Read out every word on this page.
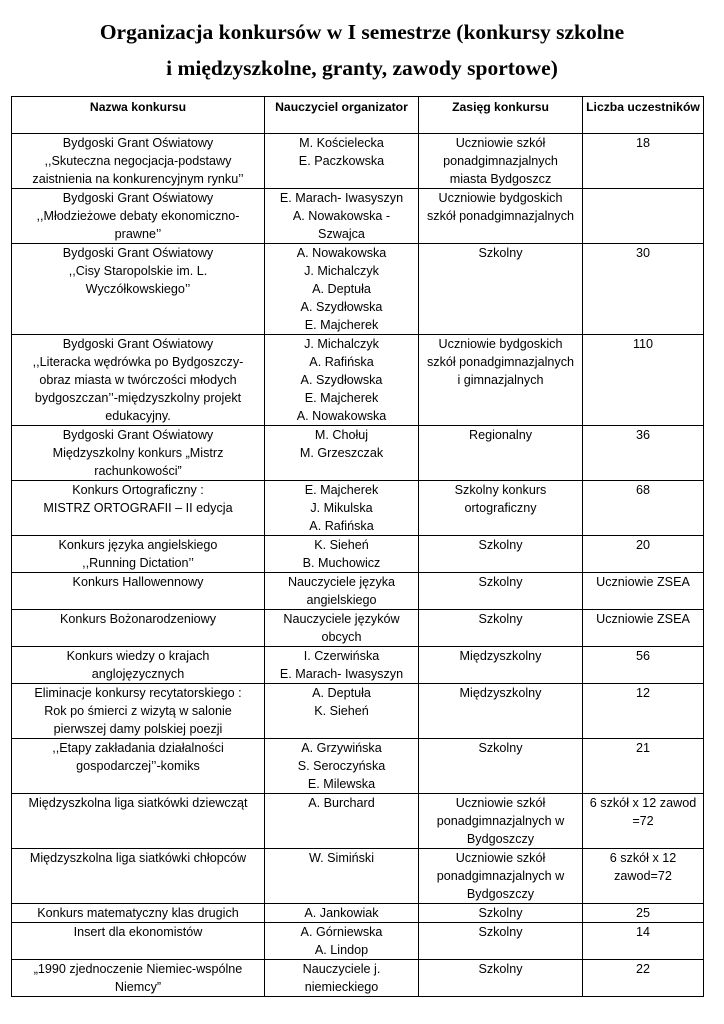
Organizacja konkursów w I semestrze (konkursy szkolne
i międzyszkolne, granty, zawody sportowe)
Nazwa konkursu	Nauczyciel organizator	Zasięg konkursu	Liczba uczestników

Bydgoski Grant Oświatowy
,,Skuteczna negocjacja-podstawy
zaistnienia na konkurencyjnym rynku’’	M. Kościelecka
E. Paczkowska	Uczniowie szkół
ponadgimnazjalnych
miasta Bydgoszcz	18

Bydgoski Grant Oświatowy
,,Młodzieżowe debaty ekonomiczno-
prawne’’	E. Marach- Iwasyszyn
A. Nowakowska -
Szwajca	Uczniowie bydgoskich
szkół ponadgimnazjalnych	

Bydgoski Grant Oświatowy
,,Cisy Staropolskie im. L.
Wyczółkowskiego’’	A. Nowakowska
J. Michalczyk
A. Deptuła
A. Szydłowska
E. Majcherek	Szkolny	30

Bydgoski Grant Oświatowy
,,Literacka wędrówka po Bydgoszczy-
obraz miasta w twórczości młodych
bydgoszczan’’-międzyszkolny projekt
edukacyjny.	J. Michalczyk
A. Rafińska
A. Szydłowska
E. Majcherek
A. Nowakowska	Uczniowie bydgoskich
szkół ponadgimnazjalnych
i gimnazjalnych	110

Bydgoski Grant Oświatowy
Międzyszkolny konkurs „Mistrz
rachunkowości”	M. Chołuj
M. Grzeszczak	Regionalny	36

Konkurs Ortograficzny :
MISTRZ ORTOGRAFII – II edycja	E. Majcherek
J. Mikulska
A. Rafińska	Szkolny konkurs
ortograficzny	68

Konkurs języka angielskiego
,,Running Dictation’’	K. Sieheń
B. Muchowicz	Szkolny	20

Konkurs Hallowennowy	Nauczyciele języka
angielskiego	Szkolny	Uczniowie ZSEA

Konkurs Bożonarodzeniowy	Nauczyciele języków
obcych	Szkolny	Uczniowie ZSEA

Konkurs wiedzy o krajach
anglojęzycznych	I. Czerwińska
E. Marach- Iwasyszyn	Międzyszkolny	56

Eliminacje konkursy recytatorskiego :
Rok po śmierci z wizytą w salonie
pierwszej damy polskiej poezji	A. Deptuła
K. Sieheń	Międzyszkolny	12

,,Etapy zakładania działalności
gospodarczej’’-komiks	A. Grzywińska
S. Seroczyńska
E. Milewska	Szkolny	21

Międzyszkolna liga siatkówki dziewcząt	A. Burchard	Uczniowie szkół
ponadgimnazjalnych w
Bydgoszczy	6 szkół x 12 zawod
=72

Międzyszkolna liga siatkówki chłopców	W. Simiński	Uczniowie szkół
ponadgimnazjalnych w
Bydgoszczy	6 szkół x 12
zawod=72

Konkurs matematyczny klas drugich	A. Jankowiak	Szkolny	25

Insert dla ekonomistów	A. Górniewska
A. Lindop	Szkolny	14

„1990 zjednoczenie Niemiec-wspólne
Niemcy”	Nauczyciele j.
niemieckiego	Szkolny	22
